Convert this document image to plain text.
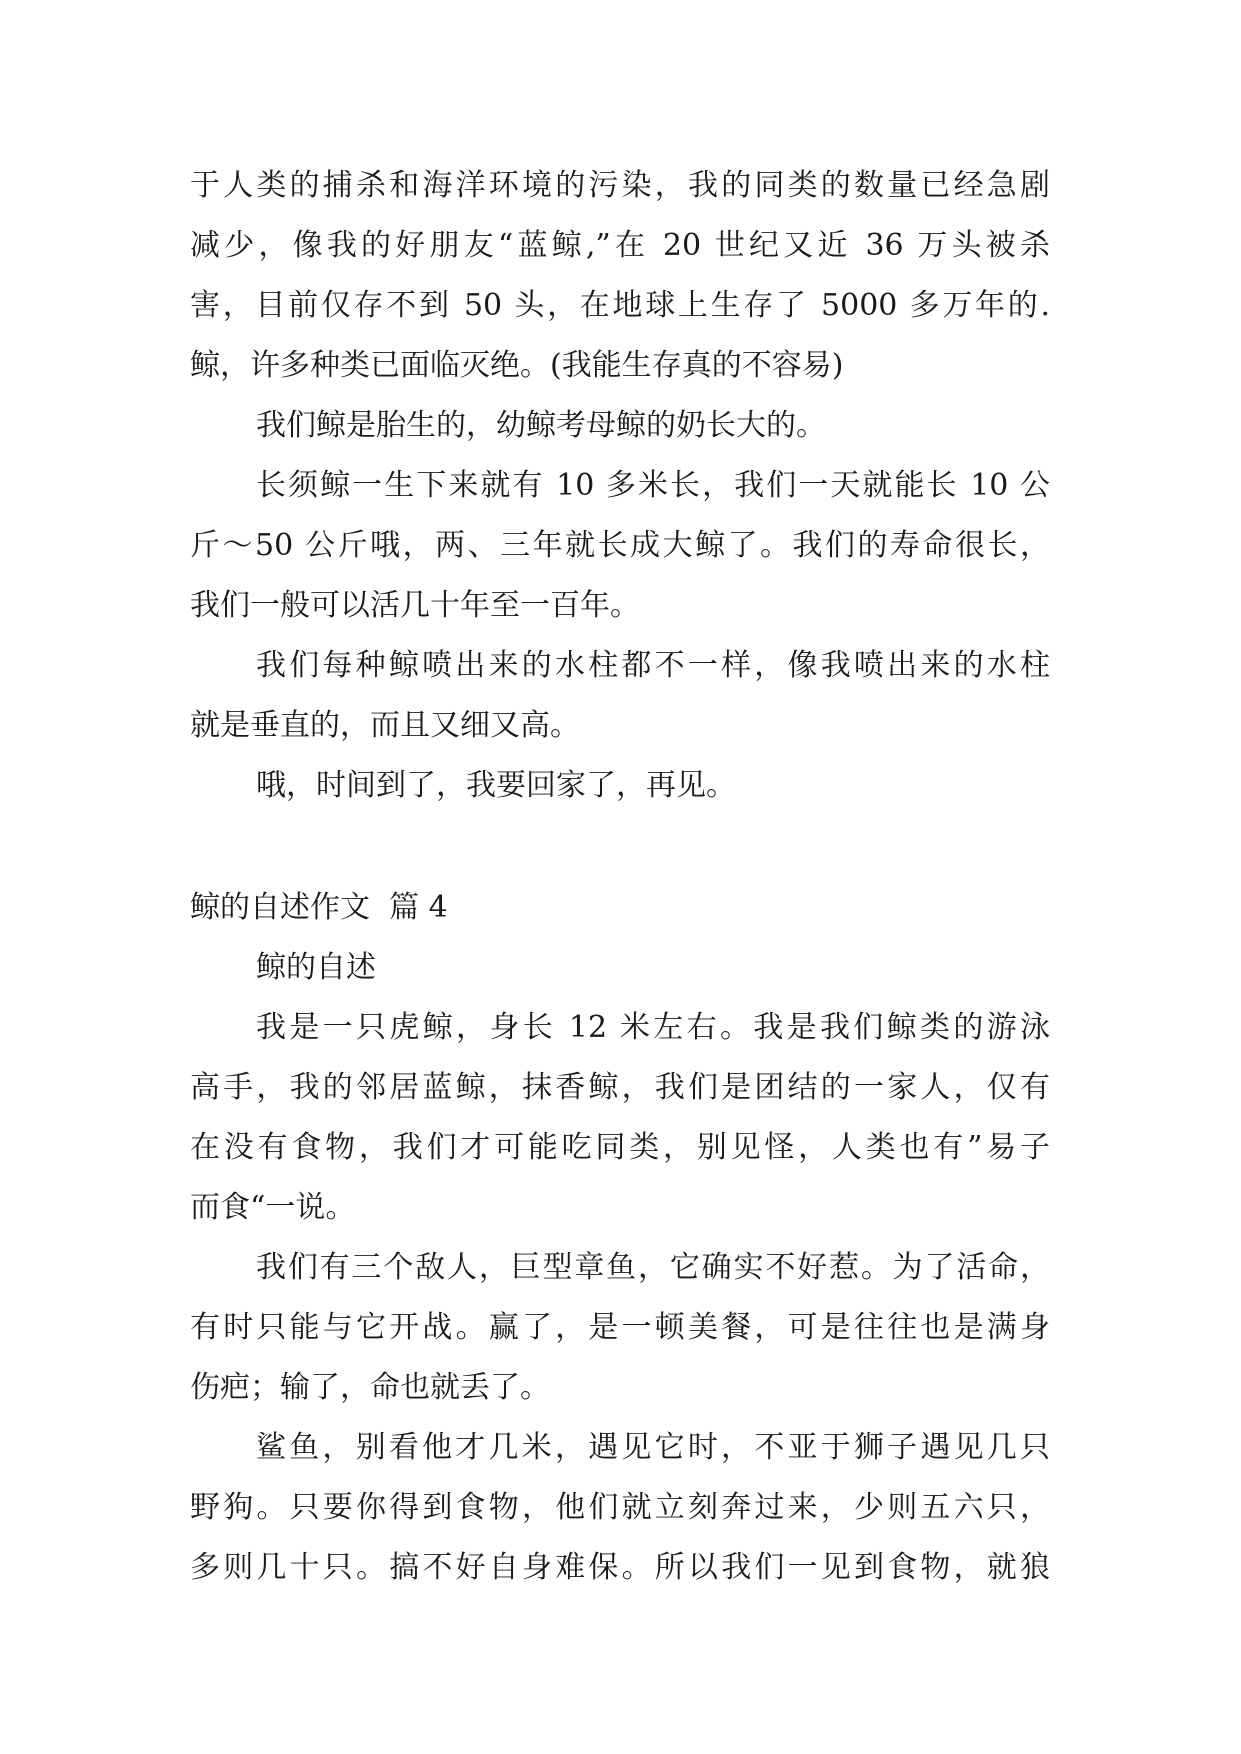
于人类的捕杀和海洋环境的污染，我的同类的数量已经急剧
减少，像我的好朋友“蓝鲸,”在 20 世纪又近 36 万头被杀
害，目前仅存不到 50 头，在地球上生存了 5000 多万年的.
鲸，许多种类已面临灭绝。(我能生存真的不容易)
我们鲸是胎生的，幼鲸考母鲸的奶长大的。
长须鲸一生下来就有 10 多米长，我们一天就能长 10 公
斤～50 公斤哦，两、三年就长成大鲸了。我们的寿命很长，
我们一般可以活几十年至一百年。
我们每种鲸喷出来的水柱都不一样，像我喷出来的水柱
就是垂直的，而且又细又高。
哦，时间到了，我要回家了，再见。
鲸的自述作文  篇 4
鲸的自述
我是一只虎鲸，身长 12 米左右。我是我们鲸类的游泳
高手，我的邻居蓝鲸，抹香鲸，我们是团结的一家人，仅有
在没有食物，我们才可能吃同类，别见怪，人类也有”易子
而食“一说。
我们有三个敌人，巨型章鱼，它确实不好惹。为了活命，
有时只能与它开战。赢了，是一顿美餐，可是往往也是满身
伤疤；输了，命也就丢了。
鲨鱼，别看他才几米，遇见它时，不亚于狮子遇见几只
野狗。只要你得到食物，他们就立刻奔过来，少则五六只，
多则几十只。搞不好自身难保。所以我们一见到食物，就狼
